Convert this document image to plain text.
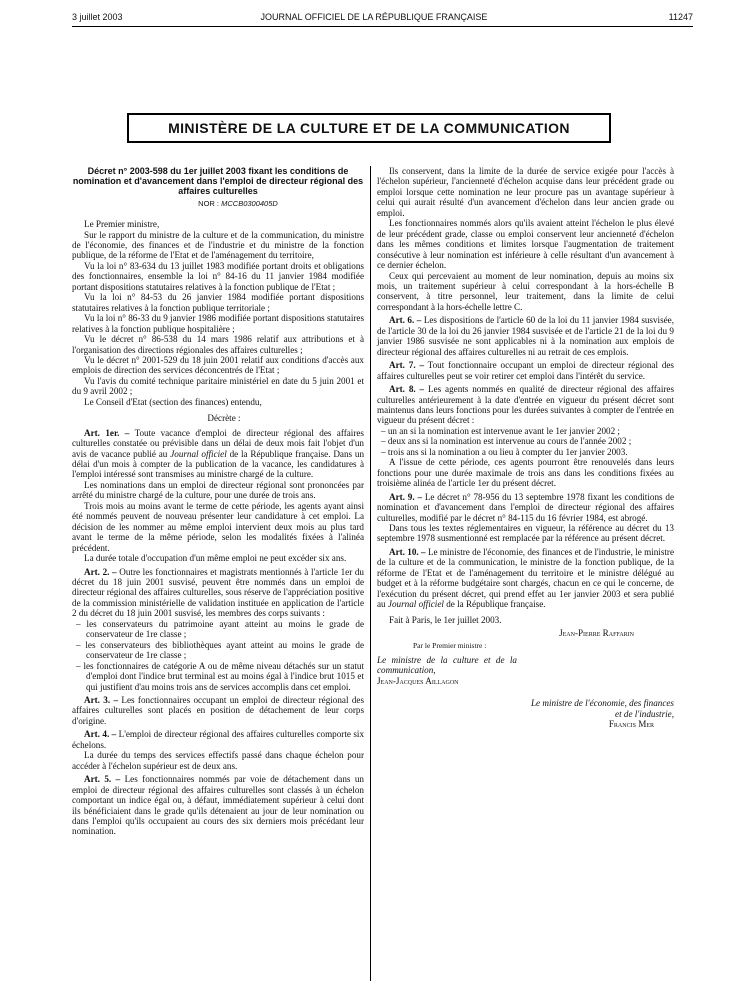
3 juillet 2003	JOURNAL OFFICIEL DE LA RÉPUBLIQUE FRANÇAISE	11247
MINISTÈRE DE LA CULTURE ET DE LA COMMUNICATION
Décret n° 2003-598 du 1er juillet 2003 fixant les conditions de nomination et d'avancement dans l'emploi de directeur régional des affaires culturelles
NOR : MCCB0300405D

Le Premier ministre,

Sur le rapport du ministre de la culture et de la communication, du ministre de l'économie, des finances et de l'industrie et du ministre de la fonction publique, de la réforme de l'Etat et de l'aménagement du territoire,

Vu la loi n° 83-634 du 13 juillet 1983 modifiée portant droits et obligations des fonctionnaires, ensemble la loi n° 84-16 du 11 janvier 1984 modifiée portant dispositions statutaires relatives à la fonction publique de l'Etat ;

Vu la loi n° 84-53 du 26 janvier 1984 modifiée portant dispositions statutaires relatives à la fonction publique territoriale ;

Vu la loi n° 86-33 du 9 janvier 1986 modifiée portant dispositions statutaires relatives à la fonction publique hospitalière ;

Vu le décret n° 86-538 du 14 mars 1986 relatif aux attributions et à l'organisation des directions régionales des affaires culturelles ;

Vu le décret n° 2001-529 du 18 juin 2001 relatif aux conditions d'accès aux emplois de direction des services déconcentrés de l'Etat ;

Vu l'avis du comité technique paritaire ministériel en date du 5 juin 2001 et du 9 avril 2002 ;

Le Conseil d'Etat (section des finances) entendu,

Décrète :

Art. 1er. – Toute vacance d'emploi de directeur régional des affaires culturelles constatée ou prévisible dans un délai de deux mois fait l'objet d'un avis de vacance publié au Journal officiel de la République française. Dans un délai d'un mois à compter de la publication de la vacance, les candidatures à l'emploi intéressé sont transmises au ministre chargé de la culture.

Les nominations dans un emploi de directeur régional sont prononcées par arrêté du ministre chargé de la culture, pour une durée de trois ans.

Trois mois au moins avant le terme de cette période, les agents ayant ainsi été nommés peuvent de nouveau présenter leur candidature à cet emploi. La décision de les nommer au même emploi intervient deux mois au plus tard avant le terme de la même période, selon les modalités fixées à l'alinéa précédent.

La durée totale d'occupation d'un même emploi ne peut excéder six ans.

Art. 2. – Outre les fonctionnaires et magistrats mentionnés à l'article 1er du décret du 18 juin 2001 susvisé, peuvent être nommés dans un emploi de directeur régional des affaires culturelles, sous réserve de l'appréciation positive de la commission ministérielle de validation instituée en application de l'article 2 du décret du 18 juin 2001 susvisé, les membres des corps suivants :

– les conservateurs du patrimoine ayant atteint au moins le grade de conservateur de 1re classe ;
– les conservateurs des bibliothèques ayant atteint au moins le grade de conservateur de 1re classe ;
– les fonctionnaires de catégorie A ou de même niveau détachés sur un statut d'emploi dont l'indice brut terminal est au moins égal à l'indice brut 1015 et qui justifient d'au moins trois ans de services accomplis dans cet emploi.

Art. 3. – Les fonctionnaires occupant un emploi de directeur régional des affaires culturelles sont placés en position de détachement de leur corps d'origine.

Art. 4. – L'emploi de directeur régional des affaires culturelles comporte six échelons.

La durée du temps des services effectifs passé dans chaque échelon pour accéder à l'échelon supérieur est de deux ans.

Art. 5. – Les fonctionnaires nommés par voie de détachement dans un emploi de directeur régional des affaires culturelles sont classés à un échelon comportant un indice égal ou, à défaut, immédiatement supérieur à celui dont ils bénéficiaient dans le grade qu'ils détenaient au jour de leur nomination ou dans l'emploi qu'ils occupaient au cours des six derniers mois précédant leur nomination.

Ils conservent, dans la limite de la durée de service exigée pour l'accès à l'échelon supérieur, l'ancienneté d'échelon acquise dans leur précédent grade ou emploi lorsque cette nomination ne leur procure pas un avantage supérieur à celui qui aurait résulté d'un avancement d'échelon dans leur ancien grade ou emploi.

Les fonctionnaires nommés alors qu'ils avaient atteint l'échelon le plus élevé de leur précédent grade, classe ou emploi conservent leur ancienneté d'échelon dans les mêmes conditions et limites lorsque l'augmentation de traitement consécutive à leur nomination est inférieure à celle résultant d'un avancement à ce dernier échelon.

Ceux qui percevaient au moment de leur nomination, depuis au moins six mois, un traitement supérieur à celui correspondant à la hors-échelle B conservent, à titre personnel, leur traitement, dans la limite de celui correspondant à la hors-échelle lettre C.

Art. 6. – Les dispositions de l'article 60 de la loi du 11 janvier 1984 susvisée, de l'article 30 de la loi du 26 janvier 1984 susvisée et de l'article 21 de la loi du 9 janvier 1986 susvisée ne sont applicables ni à la nomination aux emplois de directeur régional des affaires culturelles ni au retrait de ces emplois.

Art. 7. – Tout fonctionnaire occupant un emploi de directeur régional des affaires culturelles peut se voir retirer cet emploi dans l'intérêt du service.

Art. 8. – Les agents nommés en qualité de directeur régional des affaires culturelles antérieurement à la date d'entrée en vigueur du présent décret sont maintenus dans leurs fonctions pour les durées suivantes à compter de l'entrée en vigueur du présent décret :

– un an si la nomination est intervenue avant le 1er janvier 2002 ;
– deux ans si la nomination est intervenue au cours de l'année 2002 ;
– trois ans si la nomination a ou lieu à compter du 1er janvier 2003.

A l'issue de cette période, ces agents pourront être renouvelés dans leurs fonctions pour une durée maximale de trois ans dans les conditions fixées au troisième alinéa de l'article 1er du présent décret.

Art. 9. – Le décret n° 78-956 du 13 septembre 1978 fixant les conditions de nomination et d'avancement dans l'emploi de directeur régional des affaires culturelles, modifié par le décret n° 84-115 du 16 février 1984, est abrogé.

Dans tous les textes réglementaires en vigueur, la référence au décret du 13 septembre 1978 susmentionné est remplacée par la référence au présent décret.

Art. 10. – Le ministre de l'économie, des finances et de l'industrie, le ministre de la culture et de la communication, le ministre de la fonction publique, de la réforme de l'Etat et de l'aménagement du territoire et le ministre délégué au budget et à la réforme budgétaire sont chargés, chacun en ce qui le concerne, de l'exécution du présent décret, qui prend effet au 1er janvier 2003 et sera publié au Journal officiel de la République française.

Fait à Paris, le 1er juillet 2003.

Jean-Pierre Raffarin

Par le Premier ministre :

Le ministre de la culture et de la communication,

Jean-Jacques Aillagon

Le ministre de l'économie, des finances et de l'industrie,

Francis Mer
